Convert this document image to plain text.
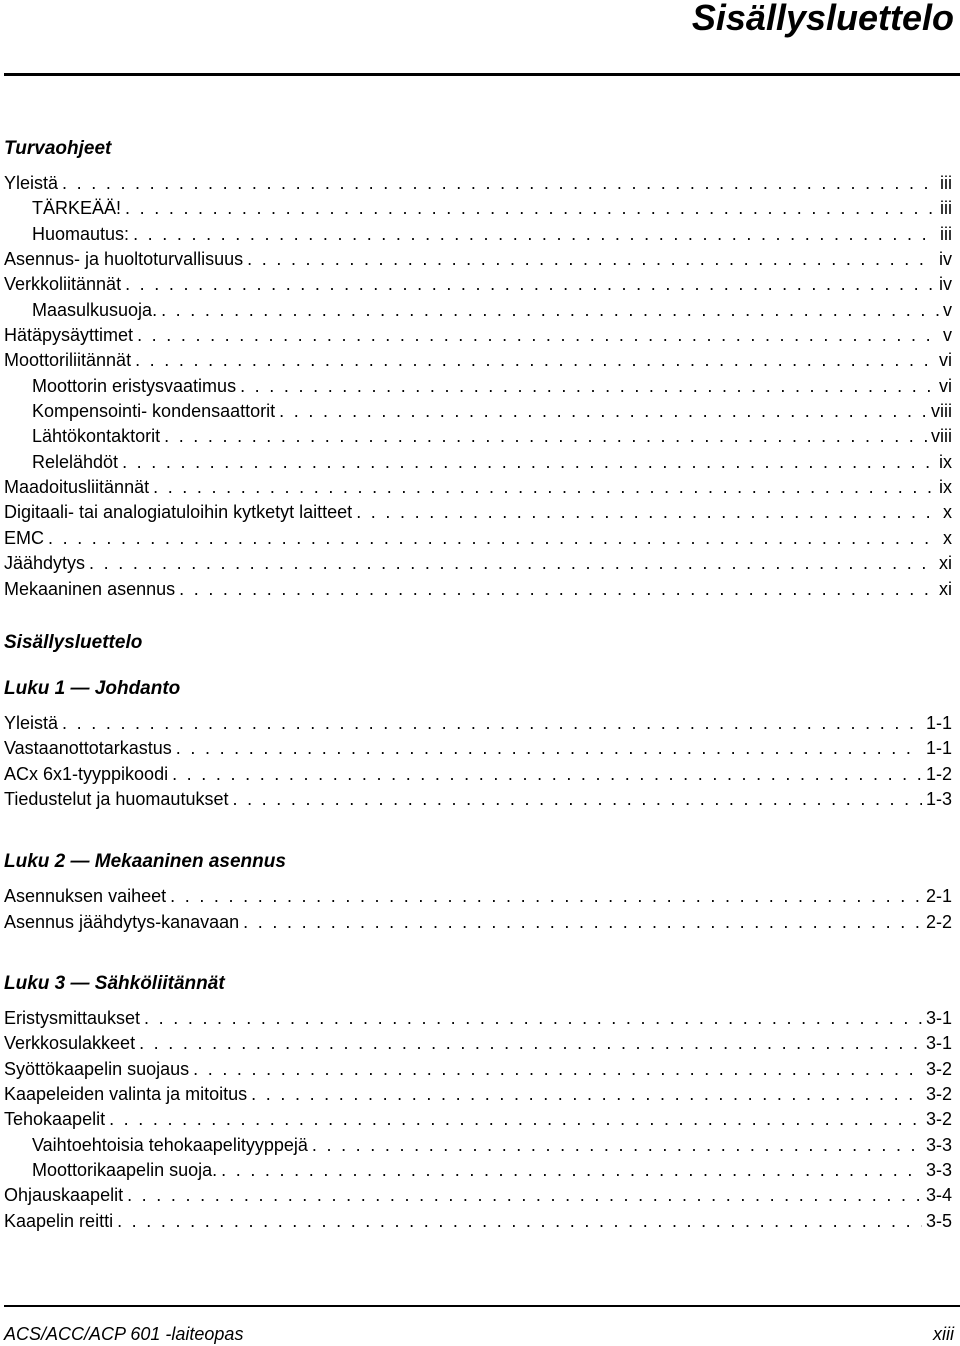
Sisällysluettelo
Turvaohjeet
Yleistä . . .	iii
TÄRKEÄÄ! . . .	iii
Huomautus: . . .	iii
Asennus- ja huoltoturvallisuus . . .	iv
Verkkoliitännät . . .	iv
Maasulkusuoja. . . .	v
Hätäpysäyttimet . . .	v
Moottoriliitännät . . .	vi
Moottorin eristysvaatimus . . .	vi
Kompensointi- kondensaattorit . . .	viii
Lähtökontaktorit . . .	viii
Relelähdöt . . .	ix
Maadoitusliitännät . . .	ix
Digitaali- tai analogiatuloihin kytketyt laitteet . . .	x
EMC . . .	x
Jäähdytys . . .	xi
Mekaaninen asennus . . .	xi
Sisällysluettelo
Luku 1 — Johdanto
Yleistä . . .	1-1
Vastaanottotarkastus . . .	1-1
ACx 6x1-tyyppikoodi . . .	1-2
Tiedustelut ja huomautukset . . .	1-3
Luku 2 — Mekaaninen asennus
Asennuksen vaiheet . . .	2-1
Asennus jäähdytys-kanavaan . . .	2-2
Luku 3 — Sähköliitännät
Eristysmittaukset . . .	3-1
Verkkosulakkeet . . .	3-1
Syöttökaapelin suojaus . . .	3-2
Kaapeleiden valinta ja mitoitus . . .	3-2
Tehokaapelit . . .	3-2
Vaihtoehtoisia tehokaapelityyppejä . . .	3-3
Moottorikaapelin suoja. . . .	3-3
Ohjauskaapelit . . .	3-4
Kaapelin reitti . . .	3-5
ACS/ACC/ACP 601 -laiteopas	xiii
